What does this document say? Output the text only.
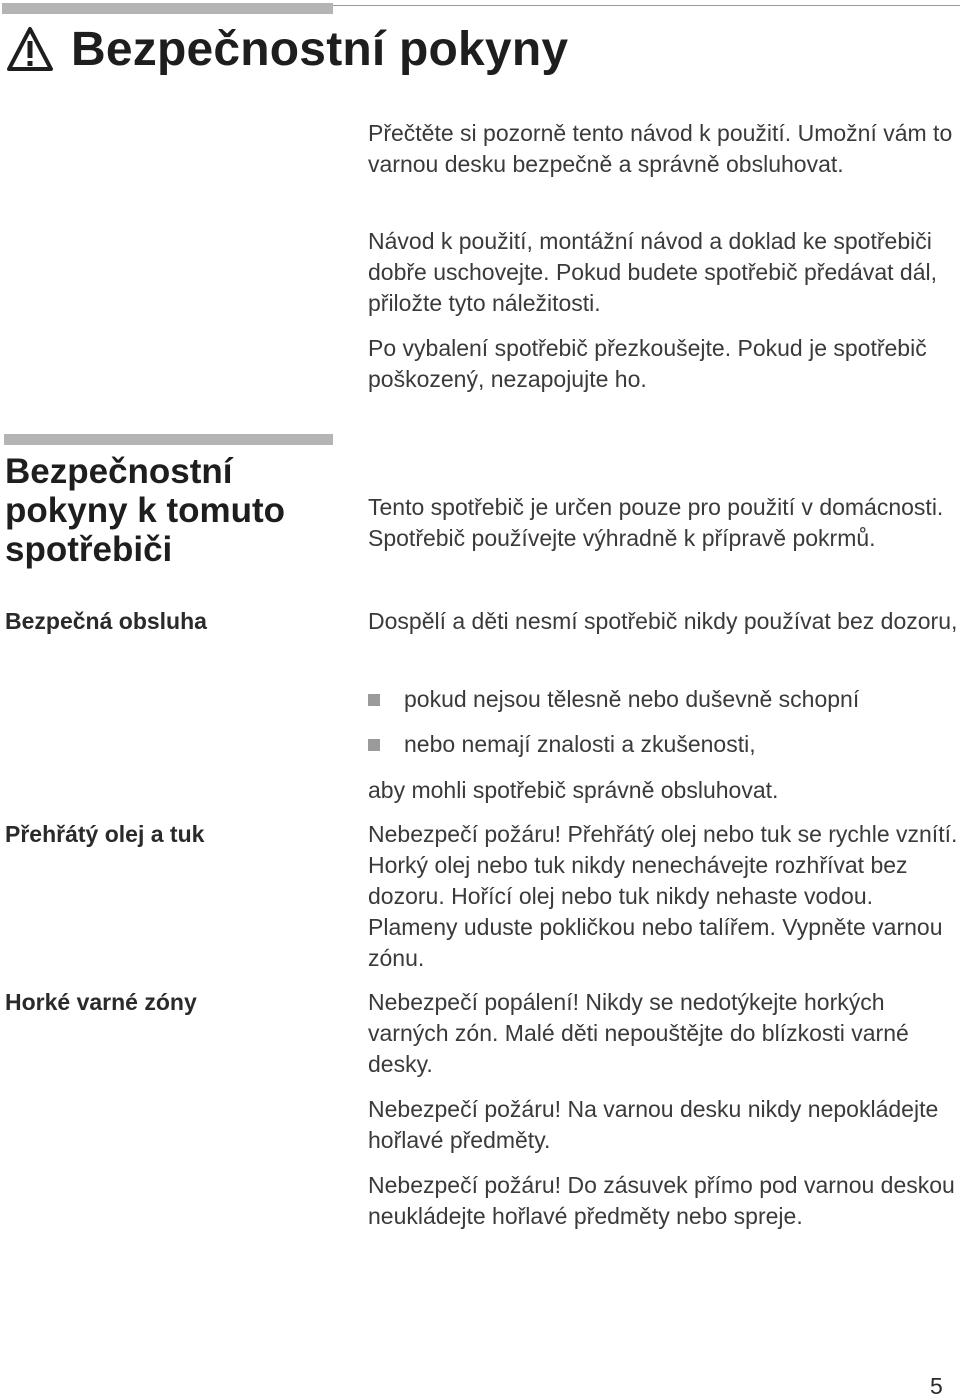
Bezpečnostní pokyny

Přečtěte si pozorně tento návod k použití. Umožní vám to varnou desku bezpečně a správně obsluhovat.

Návod k použití, montážní návod a doklad ke spotřebiči dobře uschovejte. Pokud budete spotřebič předávat dál, přiložte tyto náležitosti.

Po vybalení spotřebič přezkoušejte. Pokud je spotřebič poškozený, nezapojujte ho.

Bezpečnostní pokyny k tomuto spotřebiči

Tento spotřebič je určen pouze pro použití v domácnosti. Spotřebič používejte výhradně k přípravě pokrmů.

Bezpečná obsluha	Dospělí a děti nesmí spotřebič nikdy používat bez dozoru,

pokud nejsou tělesně nebo duševně schopní
nebo nemají znalosti a zkušenosti,

aby mohli spotřebič správně obsluhovat.

Přehřátý olej a tuk	Nebezpečí požáru! Přehřátý olej nebo tuk se rychle vznítí. Horký olej nebo tuk nikdy nenechávejte rozhřívat bez dozoru. Hořící olej nebo tuk nikdy nehaste vodou. Plameny uduste pokličkou nebo talířem. Vypněte varnou zónu.

Horké varné zóny	Nebezpečí popálení! Nikdy se nedotýkejte horkých varných zón. Malé děti nepouštějte do blízkosti varné desky.

Nebezpečí požáru! Na varnou desku nikdy nepokládejte hořlavé předměty.

Nebezpečí požáru! Do zásuvek přímo pod varnou deskou neukládejte hořlavé předměty nebo spreje.

5
